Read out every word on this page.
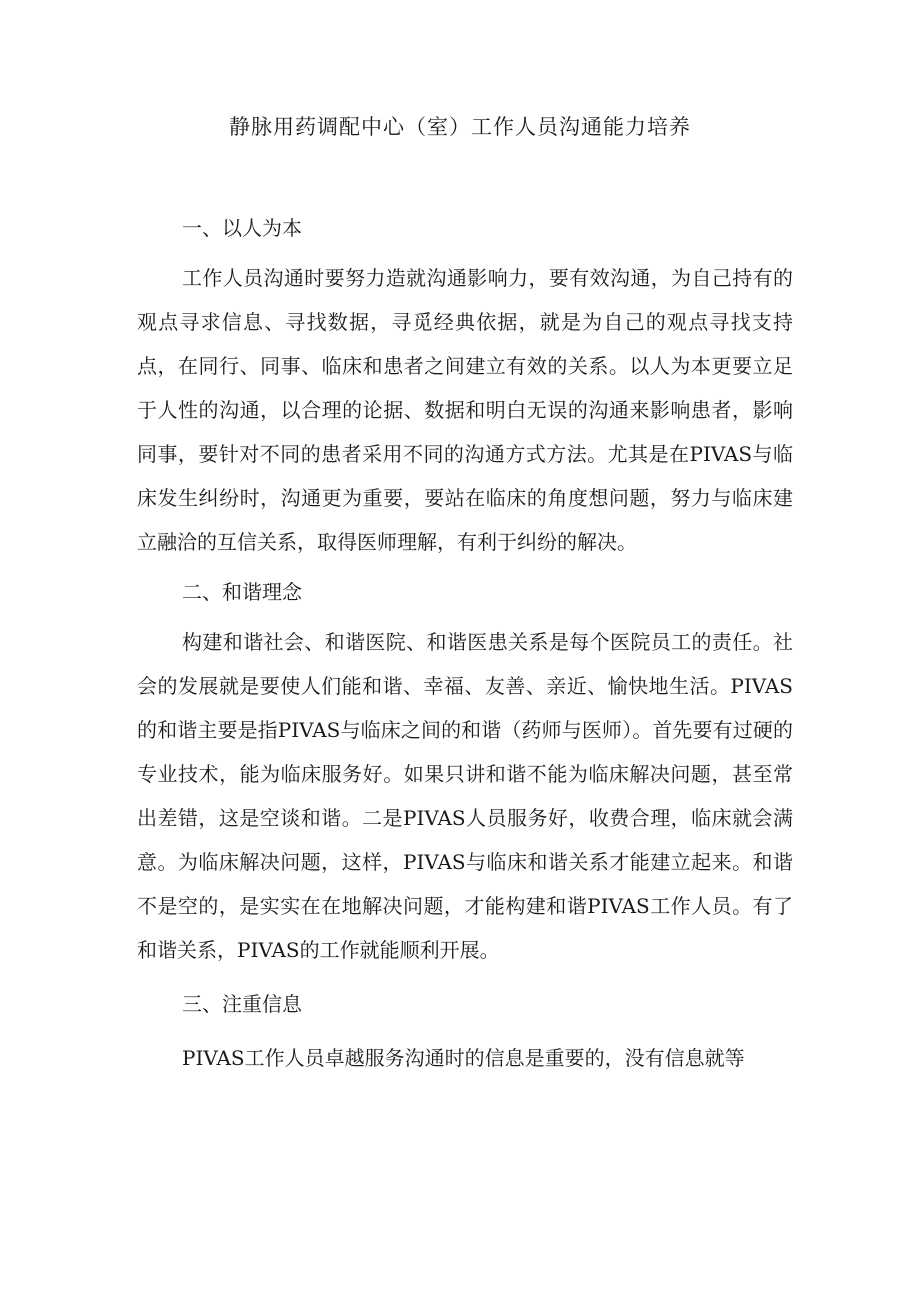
静脉用药调配中心（室）工作人员沟通能力培养
一、以人为本

工作人员沟通时要努力造就沟通影响力，要有效沟通，为自己持有的观点寻求信息、寻找数据，寻觅经典依据，就是为自己的观点寻找支持点，在同行、同事、临床和患者之间建立有效的关系。以人为本更要立足于人性的沟通，以合理的论据、数据和明白无误的沟通来影响患者，影响同事，要针对不同的患者采用不同的沟通方式方法。尤其是在PIVAS与临床发生纠纷时，沟通更为重要，要站在临床的角度想问题，努力与临床建立融洽的互信关系，取得医师理解，有利于纠纷的解决。

二、和谐理念

构建和谐社会、和谐医院、和谐医患关系是每个医院员工的责任。社会的发展就是要使人们能和谐、幸福、友善、亲近、愉快地生活。PIVAS的和谐主要是指PIVAS与临床之间的和谐（药师与医师）。首先要有过硬的专业技术，能为临床服务好。如果只讲和谐不能为临床解决问题，甚至常出差错，这是空谈和谐。二是PIVAS人员服务好，收费合理，临床就会满意。为临床解决问题，这样，PIVAS与临床和谐关系才能建立起来。和谐不是空的，是实实在在地解决问题，才能构建和谐PIVAS工作人员。有了和谐关系，PIVAS的工作就能顺利开展。

三、注重信息

PIVAS工作人员卓越服务沟通时的信息是重要的，没有信息就等
